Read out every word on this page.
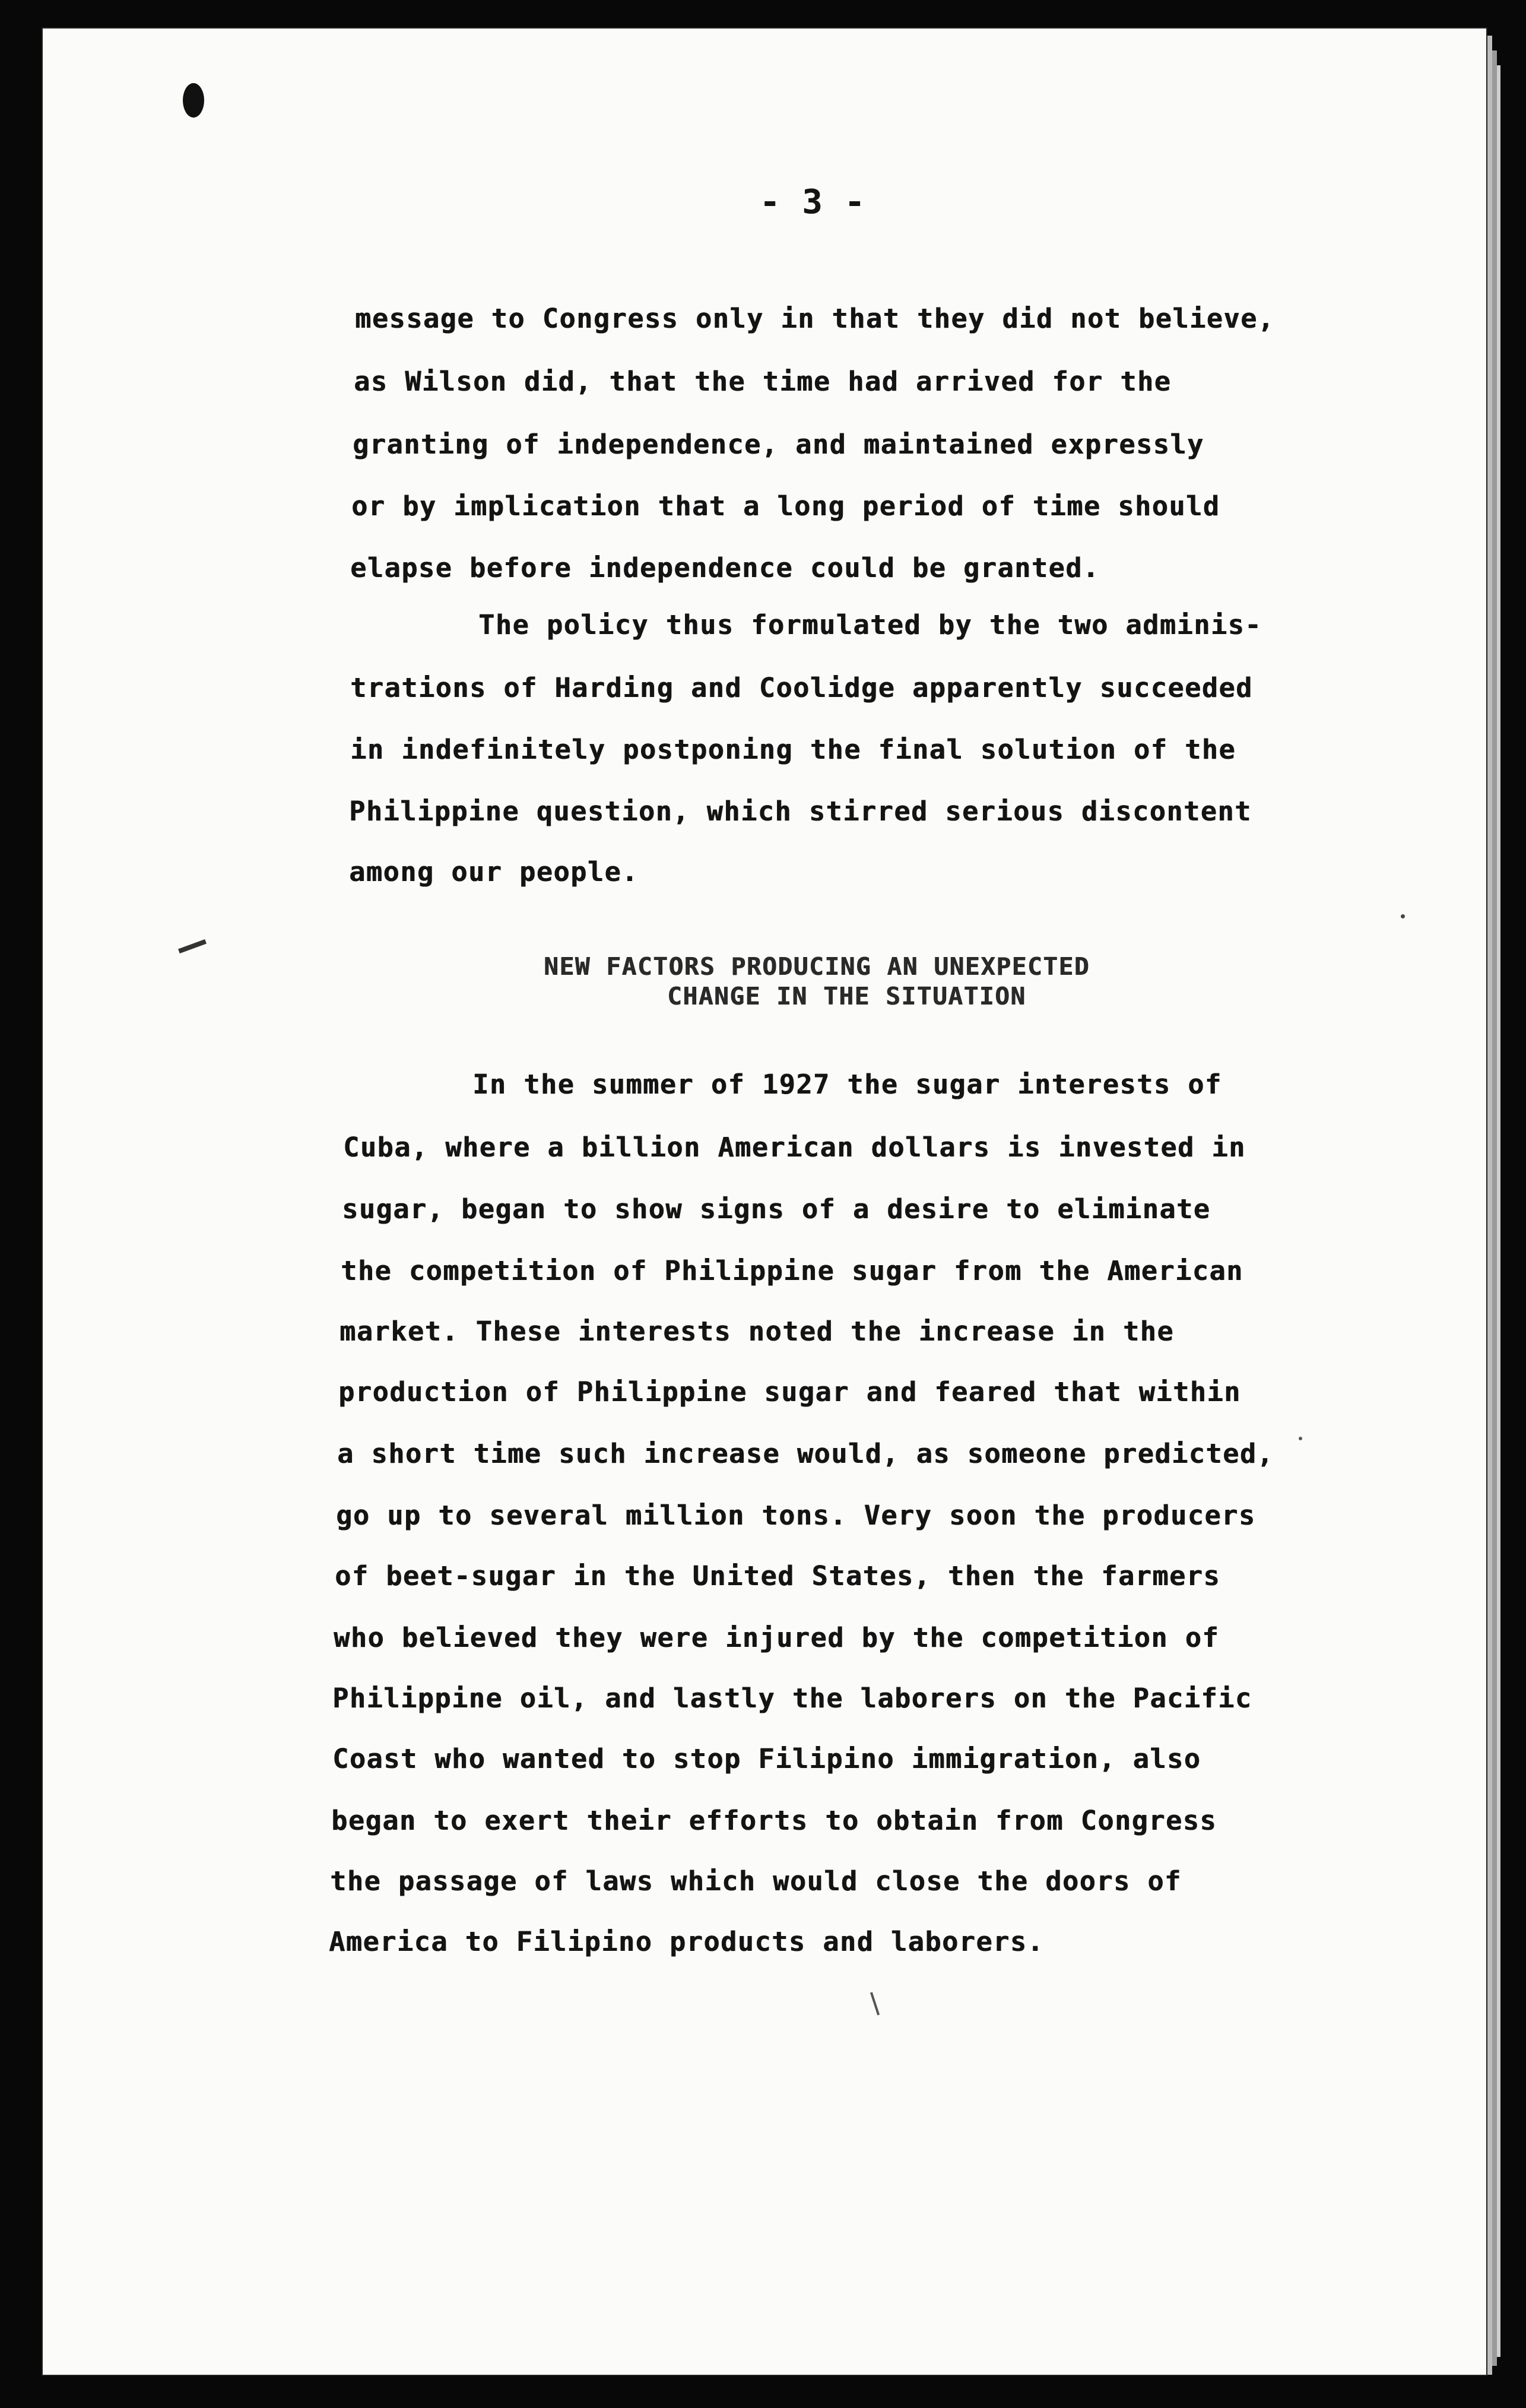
- 3 -
message to Congress only in that they did not believe,
as Wilson did, that the time had arrived for the
granting of independence, and maintained expressly
or by implication that a long period of time should
elapse before independence could be granted.
The policy thus formulated by the two adminis-
trations of Harding and Coolidge apparently succeeded
in indefinitely postponing the final solution of the
Philippine question, which stirred serious discontent
among our people.
NEW FACTORS PRODUCING AN UNEXPECTED
CHANGE IN THE SITUATION
In the summer of 1927 the sugar interests of
Cuba, where a billion American dollars is invested in
sugar, began to show signs of a desire to eliminate
the competition of Philippine sugar from the American
market. These interests noted the increase in the
production of Philippine sugar and feared that within
a short time such increase would, as someone predicted,
go up to several million tons. Very soon the producers
of beet-sugar in the United States, then the farmers
who believed they were injured by the competition of
Philippine oil, and lastly the laborers on the Pacific
Coast who wanted to stop Filipino immigration, also
began to exert their efforts to obtain from Congress
the passage of laws which would close the doors of
America to Filipino products and laborers.
